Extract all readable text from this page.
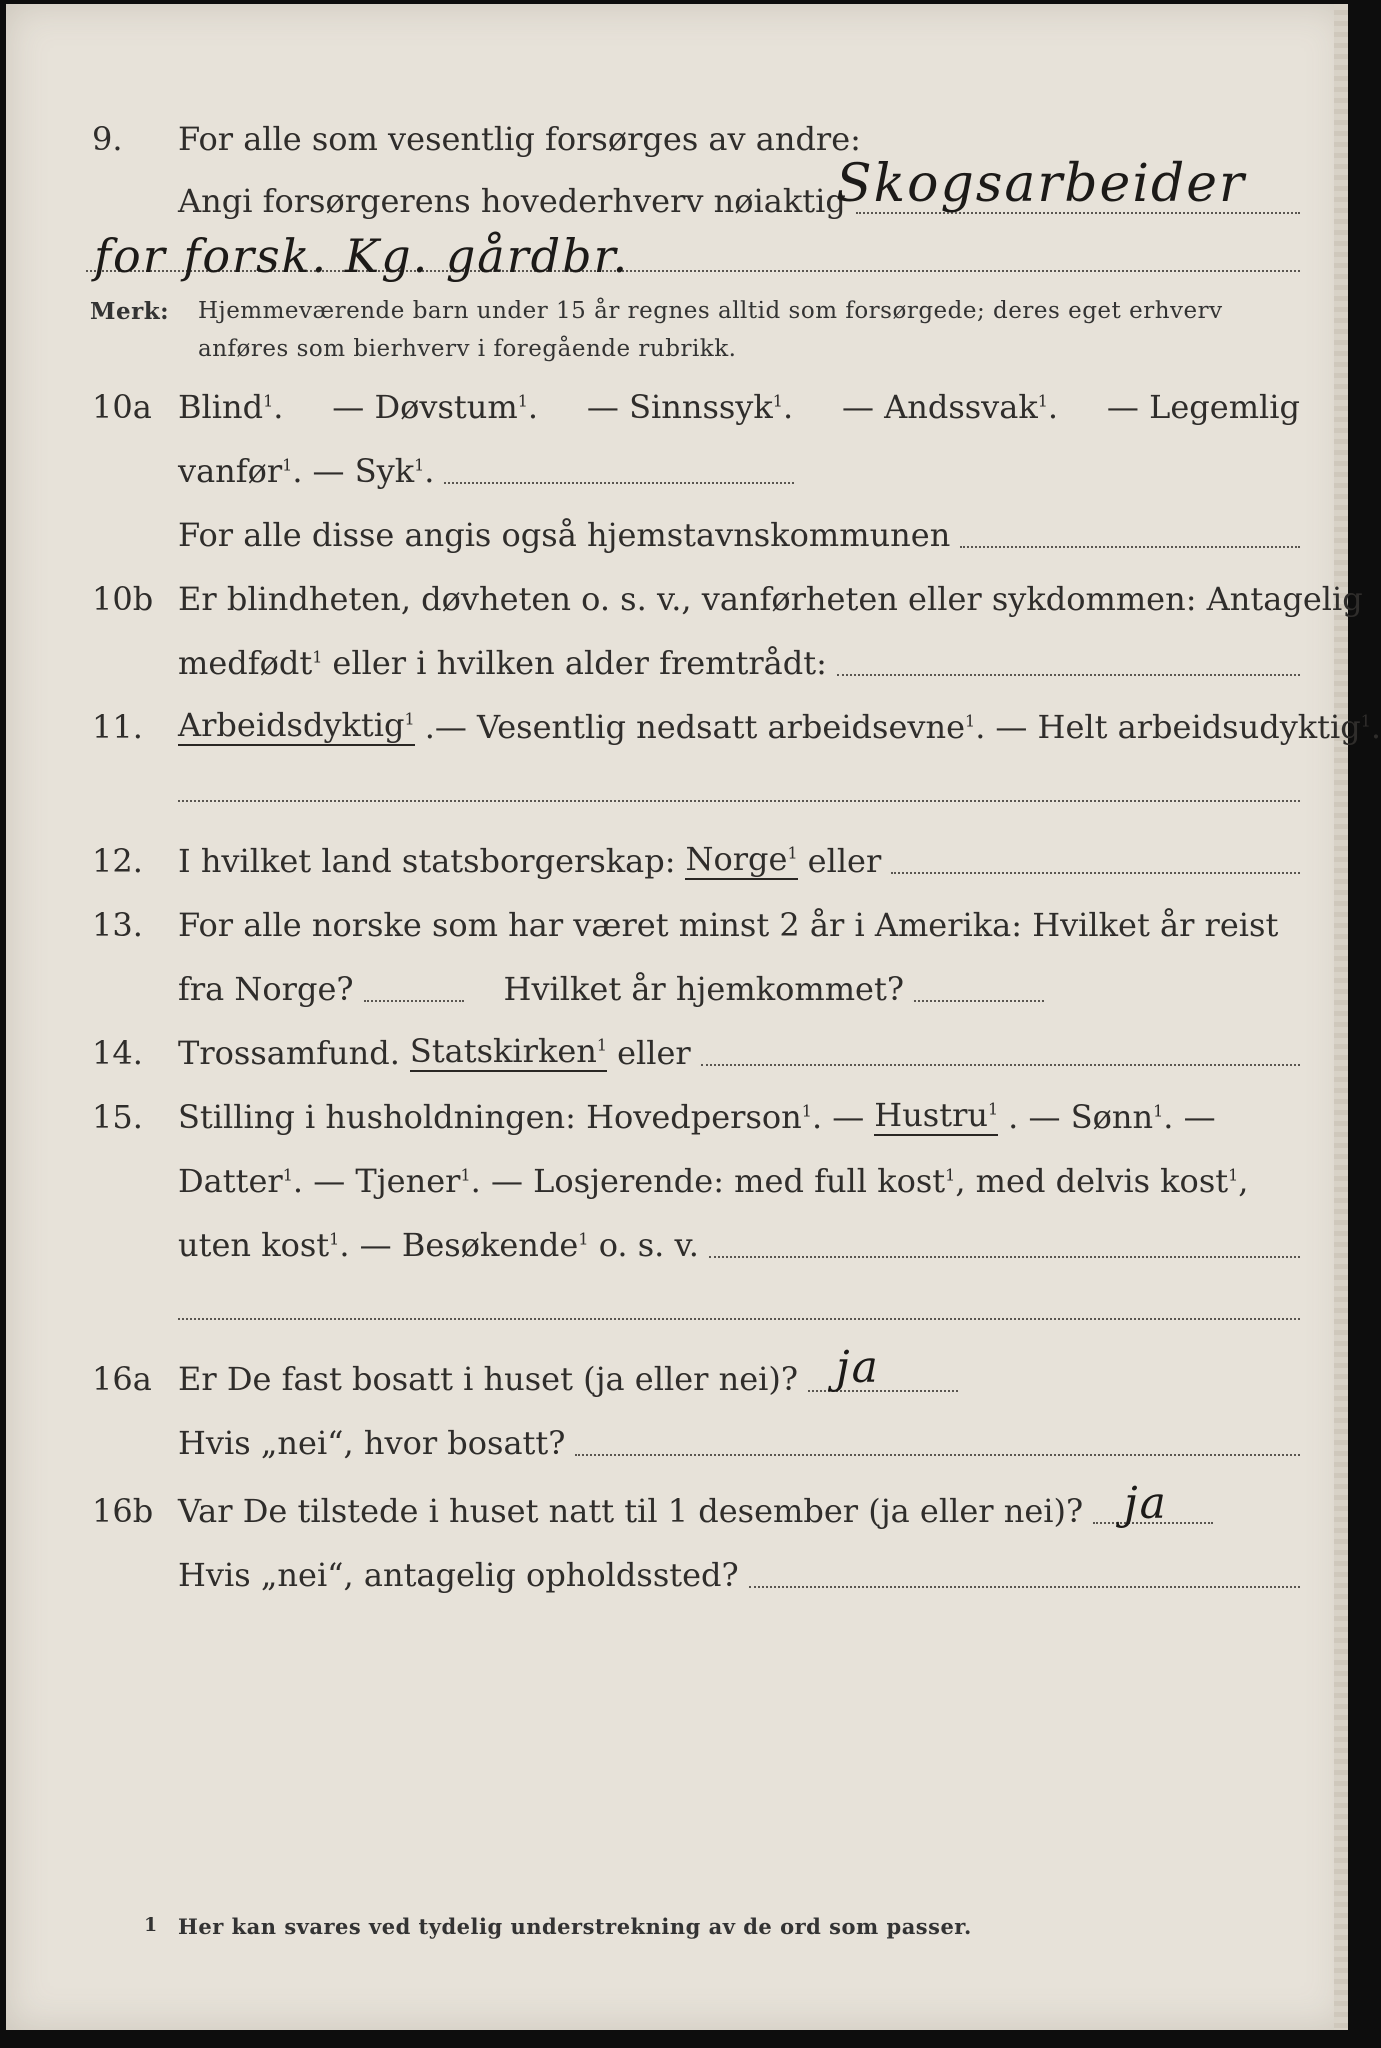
9. For alle som vesentlig forsørges av andre:
Angi forsørgerens hovederhverv nøiaktig
Skogsarbeider
for forsk. Kg. gårdbr.
Merk: Hjemmeværende barn under 15 år regnes alltid som forsørgede; deres eget erhverv
anføres som bierhverv i foregående rubrikk.
10a Blind$^1$. — Døvstum$^1$. — Sinnssyk$^1$. — Andssvak$^1$. — Legemlig
vanfør$^1$. — Syk$^1$.
For alle disse angis også hjemstavnskommunen
10b Er blindheten, døvheten o. s. v., vanførheten eller sykdommen: Antagelig
medfødt$^1$ eller i hvilken alder fremtrådt:
11. Arbeidsdyktig$^1$ .— Vesentlig nedsatt arbeidsevne$^1$. — Helt arbeidsudyktig$^1$.
12. I hvilket land statsborgerskap: Norge$^1$ eller
13. For alle norske som har været minst 2 år i Amerika: Hvilket år reist
fra Norge?	Hvilket år hjemkommet?
14. Trossamfund. Statskirken$^1$ eller
15. Stilling i husholdningen: Hovedperson$^1$. — Hustru$^1$ . — Sønn$^1$. —
Datter$^1$. — Tjener$^1$. — Losjerende: med full kost$^1$, med delvis kost$^1$,
uten kost$^1$. — Besøkende$^1$ o. s. v.
16a Er De fast bosatt i huset (ja eller nei)? ja
Hvis „nei“, hvor bosatt?
16b Var De tilstede i huset natt til 1 desember (ja eller nei)? ja
Hvis „nei“, antagelig opholdssted?
1 Her kan svares ved tydelig understrekning av de ord som passer.
